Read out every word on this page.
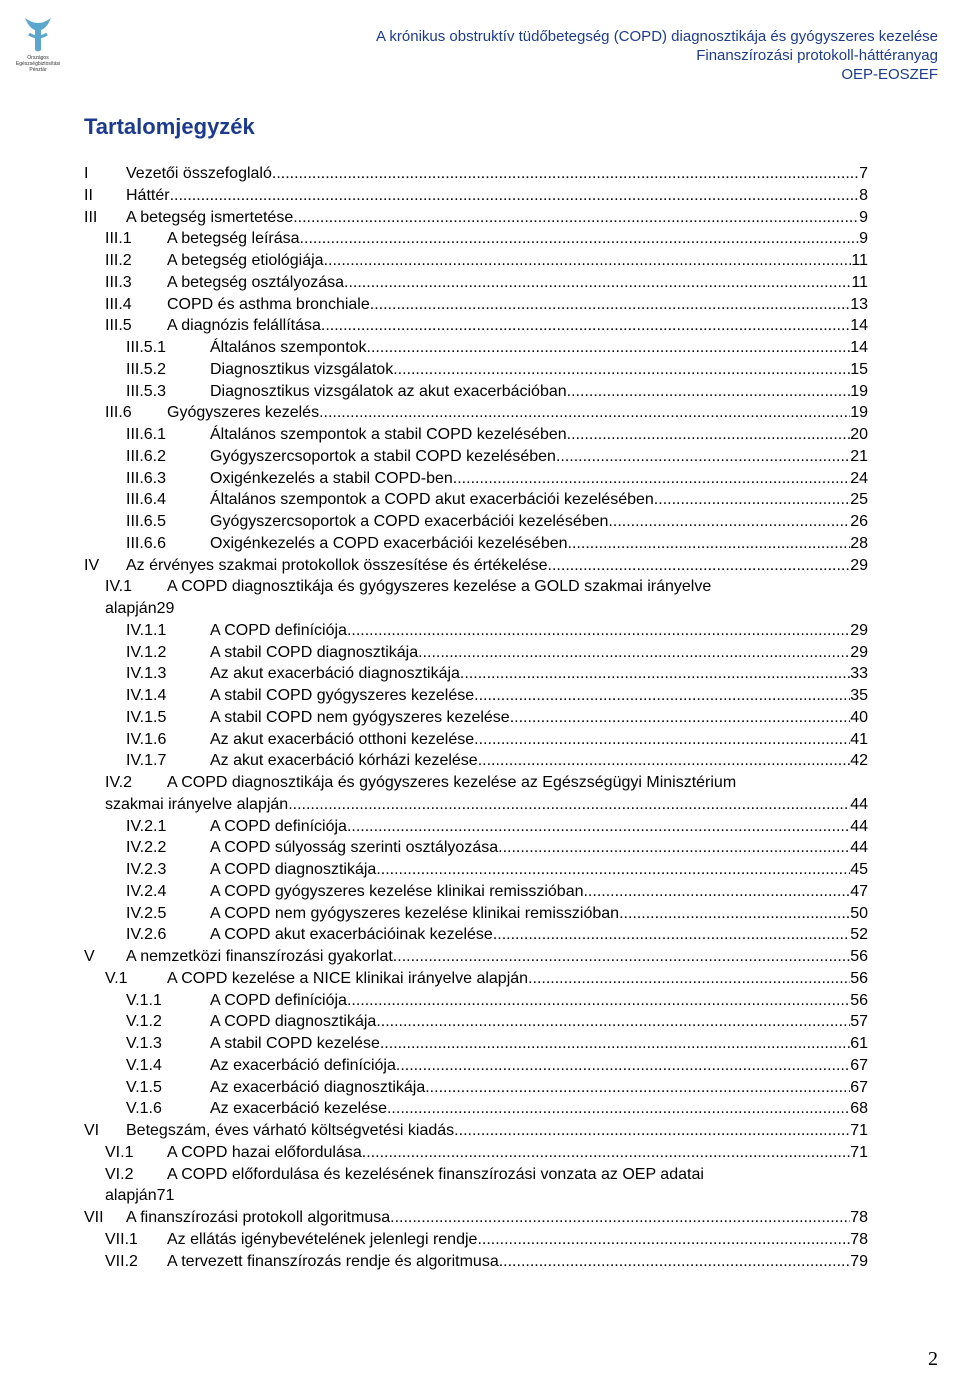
Országos Egészségbiztosítási
Pénztár
A krónikus obstruktív tüdőbetegség (COPD) diagnosztikája és gyógyszeres kezelése
Finanszírozási protokoll-háttéranyag
OEP-EOSZEF
Tartalomjegyzék
I	Vezetői összefoglaló .....	7
II	Háttér .....	8
III	A betegség ismertetése .....	9
III.1	A betegség leírása .....	9
III.2	A betegség etiológiája .....	11
III.3	A betegség osztályozása .....	11
III.4	COPD és asthma bronchiale .....	13
III.5	A diagnózis felállítása .....	14
III.5.1	Általános szempontok .....	14
III.5.2	Diagnosztikus vizsgálatok .....	15
III.5.3	Diagnosztikus vizsgálatok az akut exacerbációban .....	19
III.6	Gyógyszeres kezelés .....	19
III.6.1	Általános szempontok a stabil COPD kezelésében .....	20
III.6.2	Gyógyszercsoportok a stabil COPD kezelésében .....	21
III.6.3	Oxigénkezelés a stabil COPD-ben .....	24
III.6.4	Általános szempontok a COPD akut exacerbációi kezelésében .....	25
III.6.5	Gyógyszercsoportok a COPD exacerbációi kezelésében .....	26
III.6.6	Oxigénkezelés a COPD exacerbációi kezelésében .....	28
IV	Az érvényes szakmai protokollok összesítése és értékelése .....	29
IV.1	A COPD diagnosztikája és gyógyszeres kezelése a GOLD szakmai irányelve
alapján29
IV.1.1	A COPD definíciója .....	29
IV.1.2	A stabil COPD diagnosztikája .....	29
IV.1.3	Az akut exacerbáció diagnosztikája .....	33
IV.1.4	A stabil COPD gyógyszeres kezelése .....	35
IV.1.5	A stabil COPD nem gyógyszeres kezelése .....	40
IV.1.6	Az akut exacerbáció otthoni kezelése .....	41
IV.1.7	Az akut exacerbáció kórházi kezelése .....	42
IV.2	A COPD diagnosztikája és gyógyszeres kezelése az Egészségügyi Minisztérium
szakmai irányelve alapján .....	44
IV.2.1	A COPD definíciója .....	44
IV.2.2	A COPD súlyosság szerinti osztályozása .....	44
IV.2.3	A COPD diagnosztikája .....	45
IV.2.4	A COPD gyógyszeres kezelése klinikai remisszióban .....	47
IV.2.5	A COPD nem gyógyszeres kezelése klinikai remisszióban .....	50
IV.2.6	A COPD akut exacerbációinak kezelése .....	52
V	A nemzetközi finanszírozási gyakorlat .....	56
V.1	A COPD kezelése a NICE klinikai irányelve alapján .....	56
V.1.1	A COPD definíciója .....	56
V.1.2	A COPD diagnosztikája .....	57
V.1.3	A stabil COPD kezelése .....	61
V.1.4	Az exacerbáció definíciója .....	67
V.1.5	Az exacerbáció diagnosztikája .....	67
V.1.6	Az exacerbáció kezelése .....	68
VI	Betegszám, éves várható költségvetési kiadás .....	71
VI.1	A COPD hazai előfordulása .....	71
VI.2	A COPD előfordulása és kezelésének finanszírozási vonzata az OEP adatai
alapján71
VII	A finanszírozási protokoll algoritmusa .....	78
VII.1	Az ellátás igénybevételének jelenlegi rendje .....	78
VII.2	A tervezett finanszírozás rendje és algoritmusa .....	79
2
